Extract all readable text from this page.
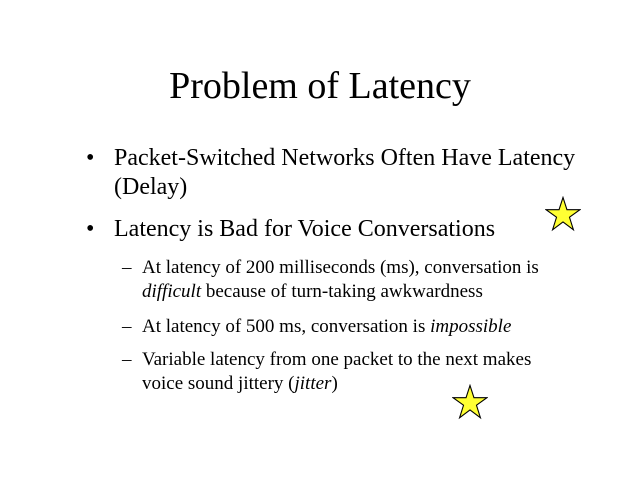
Problem of Latency
• Packet-Switched Networks Often Have Latency
(Delay)
• Latency is Bad for Voice Conversations
– At latency of 200 milliseconds (ms), conversation is
difficult because of turn-taking awkwardness
– At latency of 500 ms, conversation is impossible
– Variable latency from one packet to the next makes
voice sound jittery (jitter)
